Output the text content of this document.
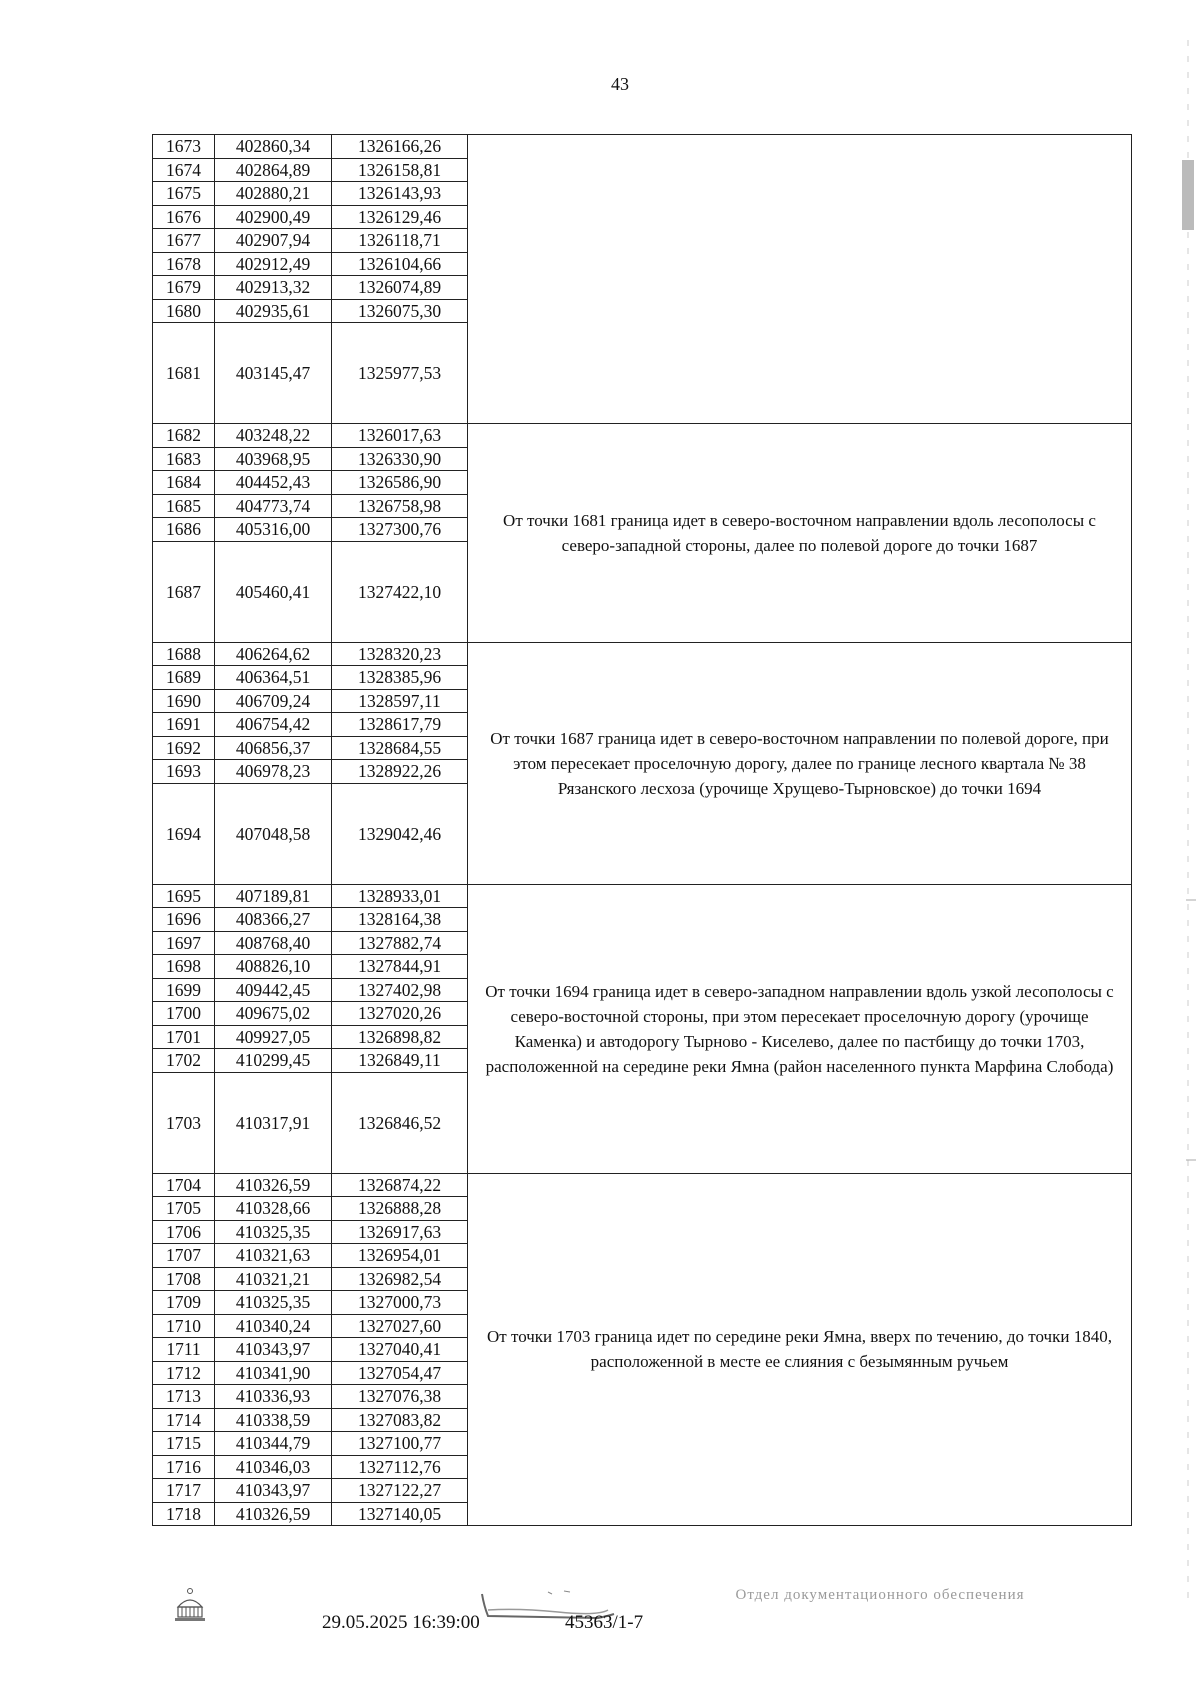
43
1673	402860,34	1326166,26	
1674	402864,89	1326158,81	
1675	402880,21	1326143,93	
1676	402900,49	1326129,46	
1677	402907,94	1326118,71	
1678	402912,49	1326104,66	
1679	402913,32	1326074,89	
1680	402935,61	1326075,30	
1681	403145,47	1325977,53	
1682	403248,22	1326017,63	От точки 1681 граница идет в северо-восточном направлении вдоль лесополосы с северо-западной стороны, далее по полевой дороге до точки 1687
1683	403968,95	1326330,90	
1684	404452,43	1326586,90	
1685	404773,74	1326758,98	
1686	405316,00	1327300,76	
1687	405460,41	1327422,10	
1688	406264,62	1328320,23	От точки 1687 граница идет в северо-восточном направлении по полевой дороге, при этом пересекает проселочную дорогу, далее по границе лесного квартала № 38 Рязанского лесхоза (урочище Хрущево-Тырновское) до точки 1694
1689	406364,51	1328385,96	
1690	406709,24	1328597,11	
1691	406754,42	1328617,79	
1692	406856,37	1328684,55	
1693	406978,23	1328922,26	
1694	407048,58	1329042,46	
1695	407189,81	1328933,01	От точки 1694 граница идет в северо-западном направлении вдоль узкой лесополосы с северо-восточной стороны, при этом пересекает проселочную дорогу (урочище Каменка) и автодорогу Тырново - Киселево, далее по пастбищу до точки 1703, расположенной на середине реки Ямна (район населенного пункта Марфина Слобода)
1696	408366,27	1328164,38	
1697	408768,40	1327882,74	
1698	408826,10	1327844,91	
1699	409442,45	1327402,98	
1700	409675,02	1327020,26	
1701	409927,05	1326898,82	
1702	410299,45	1326849,11	
1703	410317,91	1326846,52	
1704	410326,59	1326874,22	От точки 1703 граница идет по середине реки Ямна, вверх по течению, до точки 1840, расположенной в месте ее слияния с безымянным ручьем
1705	410328,66	1326888,28	
1706	410325,35	1326917,63	
1707	410321,63	1326954,01	
1708	410321,21	1326982,54	
1709	410325,35	1327000,73	
1710	410340,24	1327027,60	
1711	410343,97	1327040,41	
1712	410341,90	1327054,47	
1713	410336,93	1327076,38	
1714	410338,59	1327083,82	
1715	410344,79	1327100,77	
1716	410346,03	1327112,76	
1717	410343,97	1327122,27	
1718	410326,59	1327140,05	
29.05.2025 16:39:00	45363/1-7
Отдел документационного обеспечения
